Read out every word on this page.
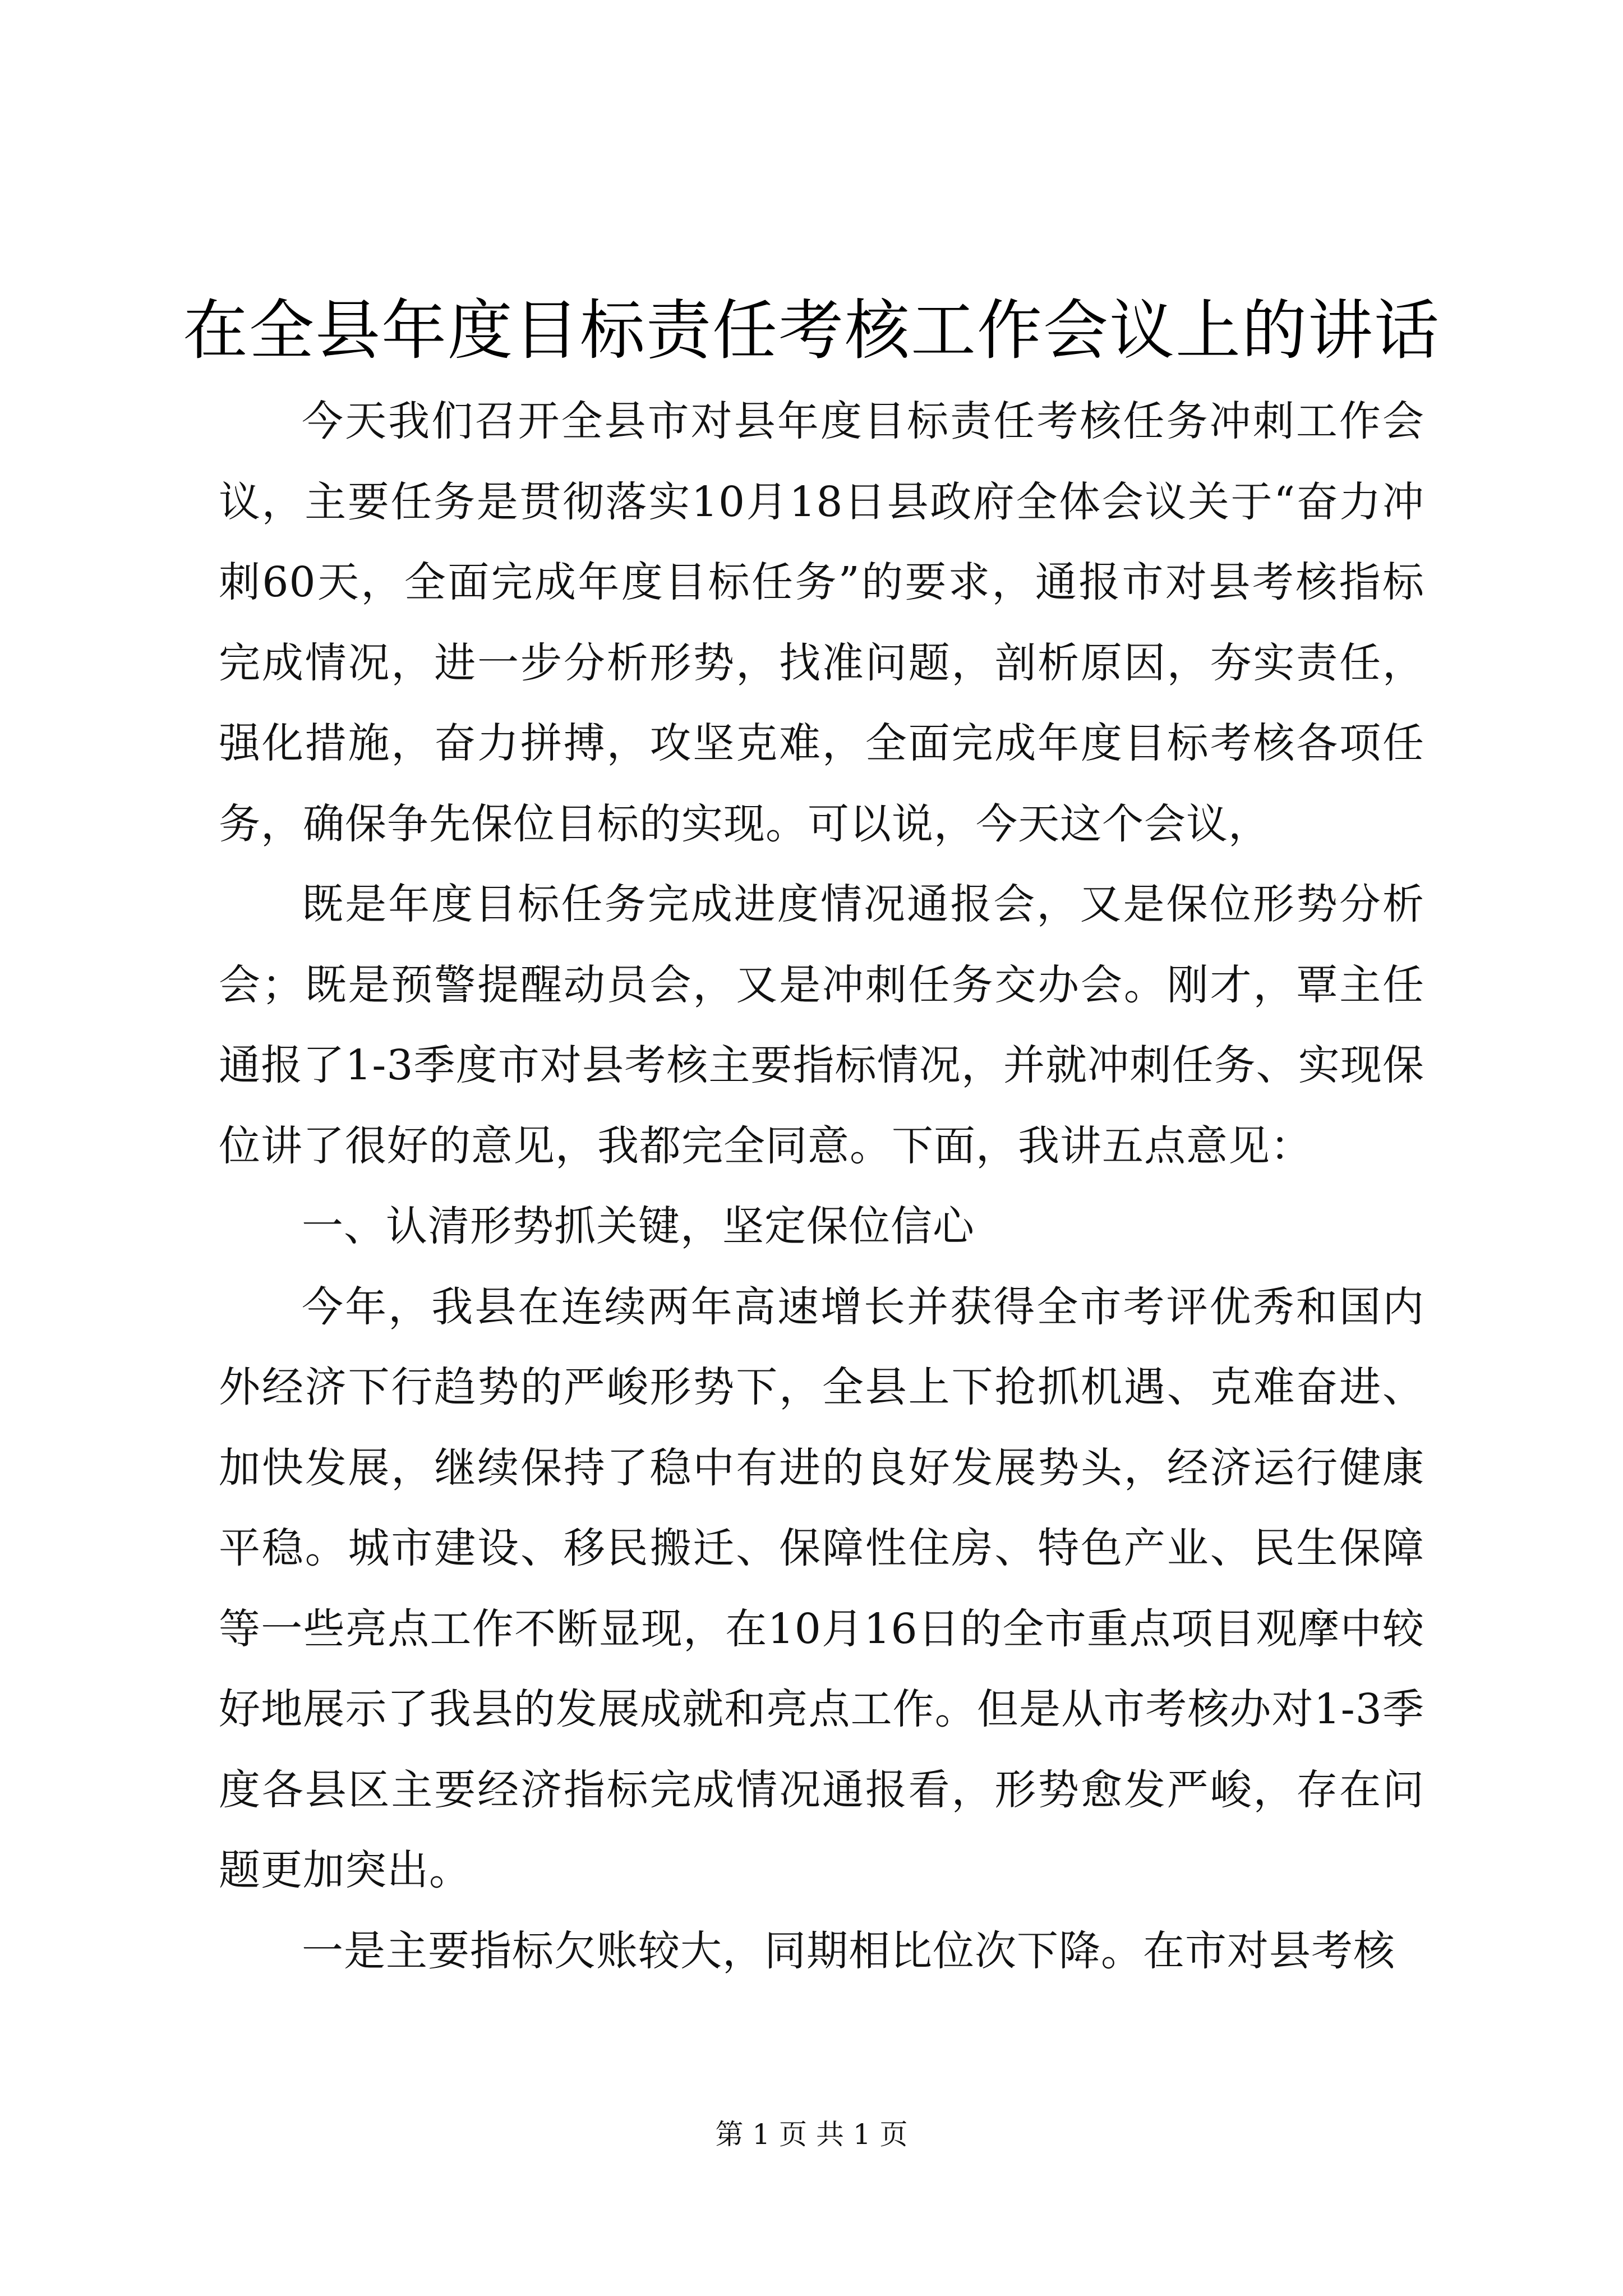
在全县年度目标责任考核工作会议上的讲话

今天我们召开全县市对县年度目标责任考核任务冲刺工作会议，主要任务是贯彻落实10月18日县政府全体会议关于“奋力冲刺60天，全面完成年度目标任务”的要求，通报市对县考核指标完成情况，进一步分析形势，找准问题，剖析原因，夯实责任，强化措施，奋力拼搏，攻坚克难，全面完成年度目标考核各项任务，确保争先保位目标的实现。可以说，今天这个会议，

既是年度目标任务完成进度情况通报会，又是保位形势分析会；既是预警提醒动员会，又是冲刺任务交办会。刚才，覃主任通报了1-3季度市对县考核主要指标情况，并就冲刺任务、实现保位讲了很好的意见，我都完全同意。下面，我讲五点意见：

一、认清形势抓关键，坚定保位信心

今年，我县在连续两年高速增长并获得全市考评优秀和国内外经济下行趋势的严峻形势下，全县上下抢抓机遇、克难奋进、加快发展，继续保持了稳中有进的良好发展势头，经济运行健康平稳。城市建设、移民搬迁、保障性住房、特色产业、民生保障等一些亮点工作不断显现，在10月16日的全市重点项目观摩中较好地展示了我县的发展成就和亮点工作。但是从市考核办对1-3季度各县区主要经济指标完成情况通报看，形势愈发严峻，存在问题更加突出。

一是主要指标欠账较大，同期相比位次下降。在市对县考核

第 1 页 共 1 页
